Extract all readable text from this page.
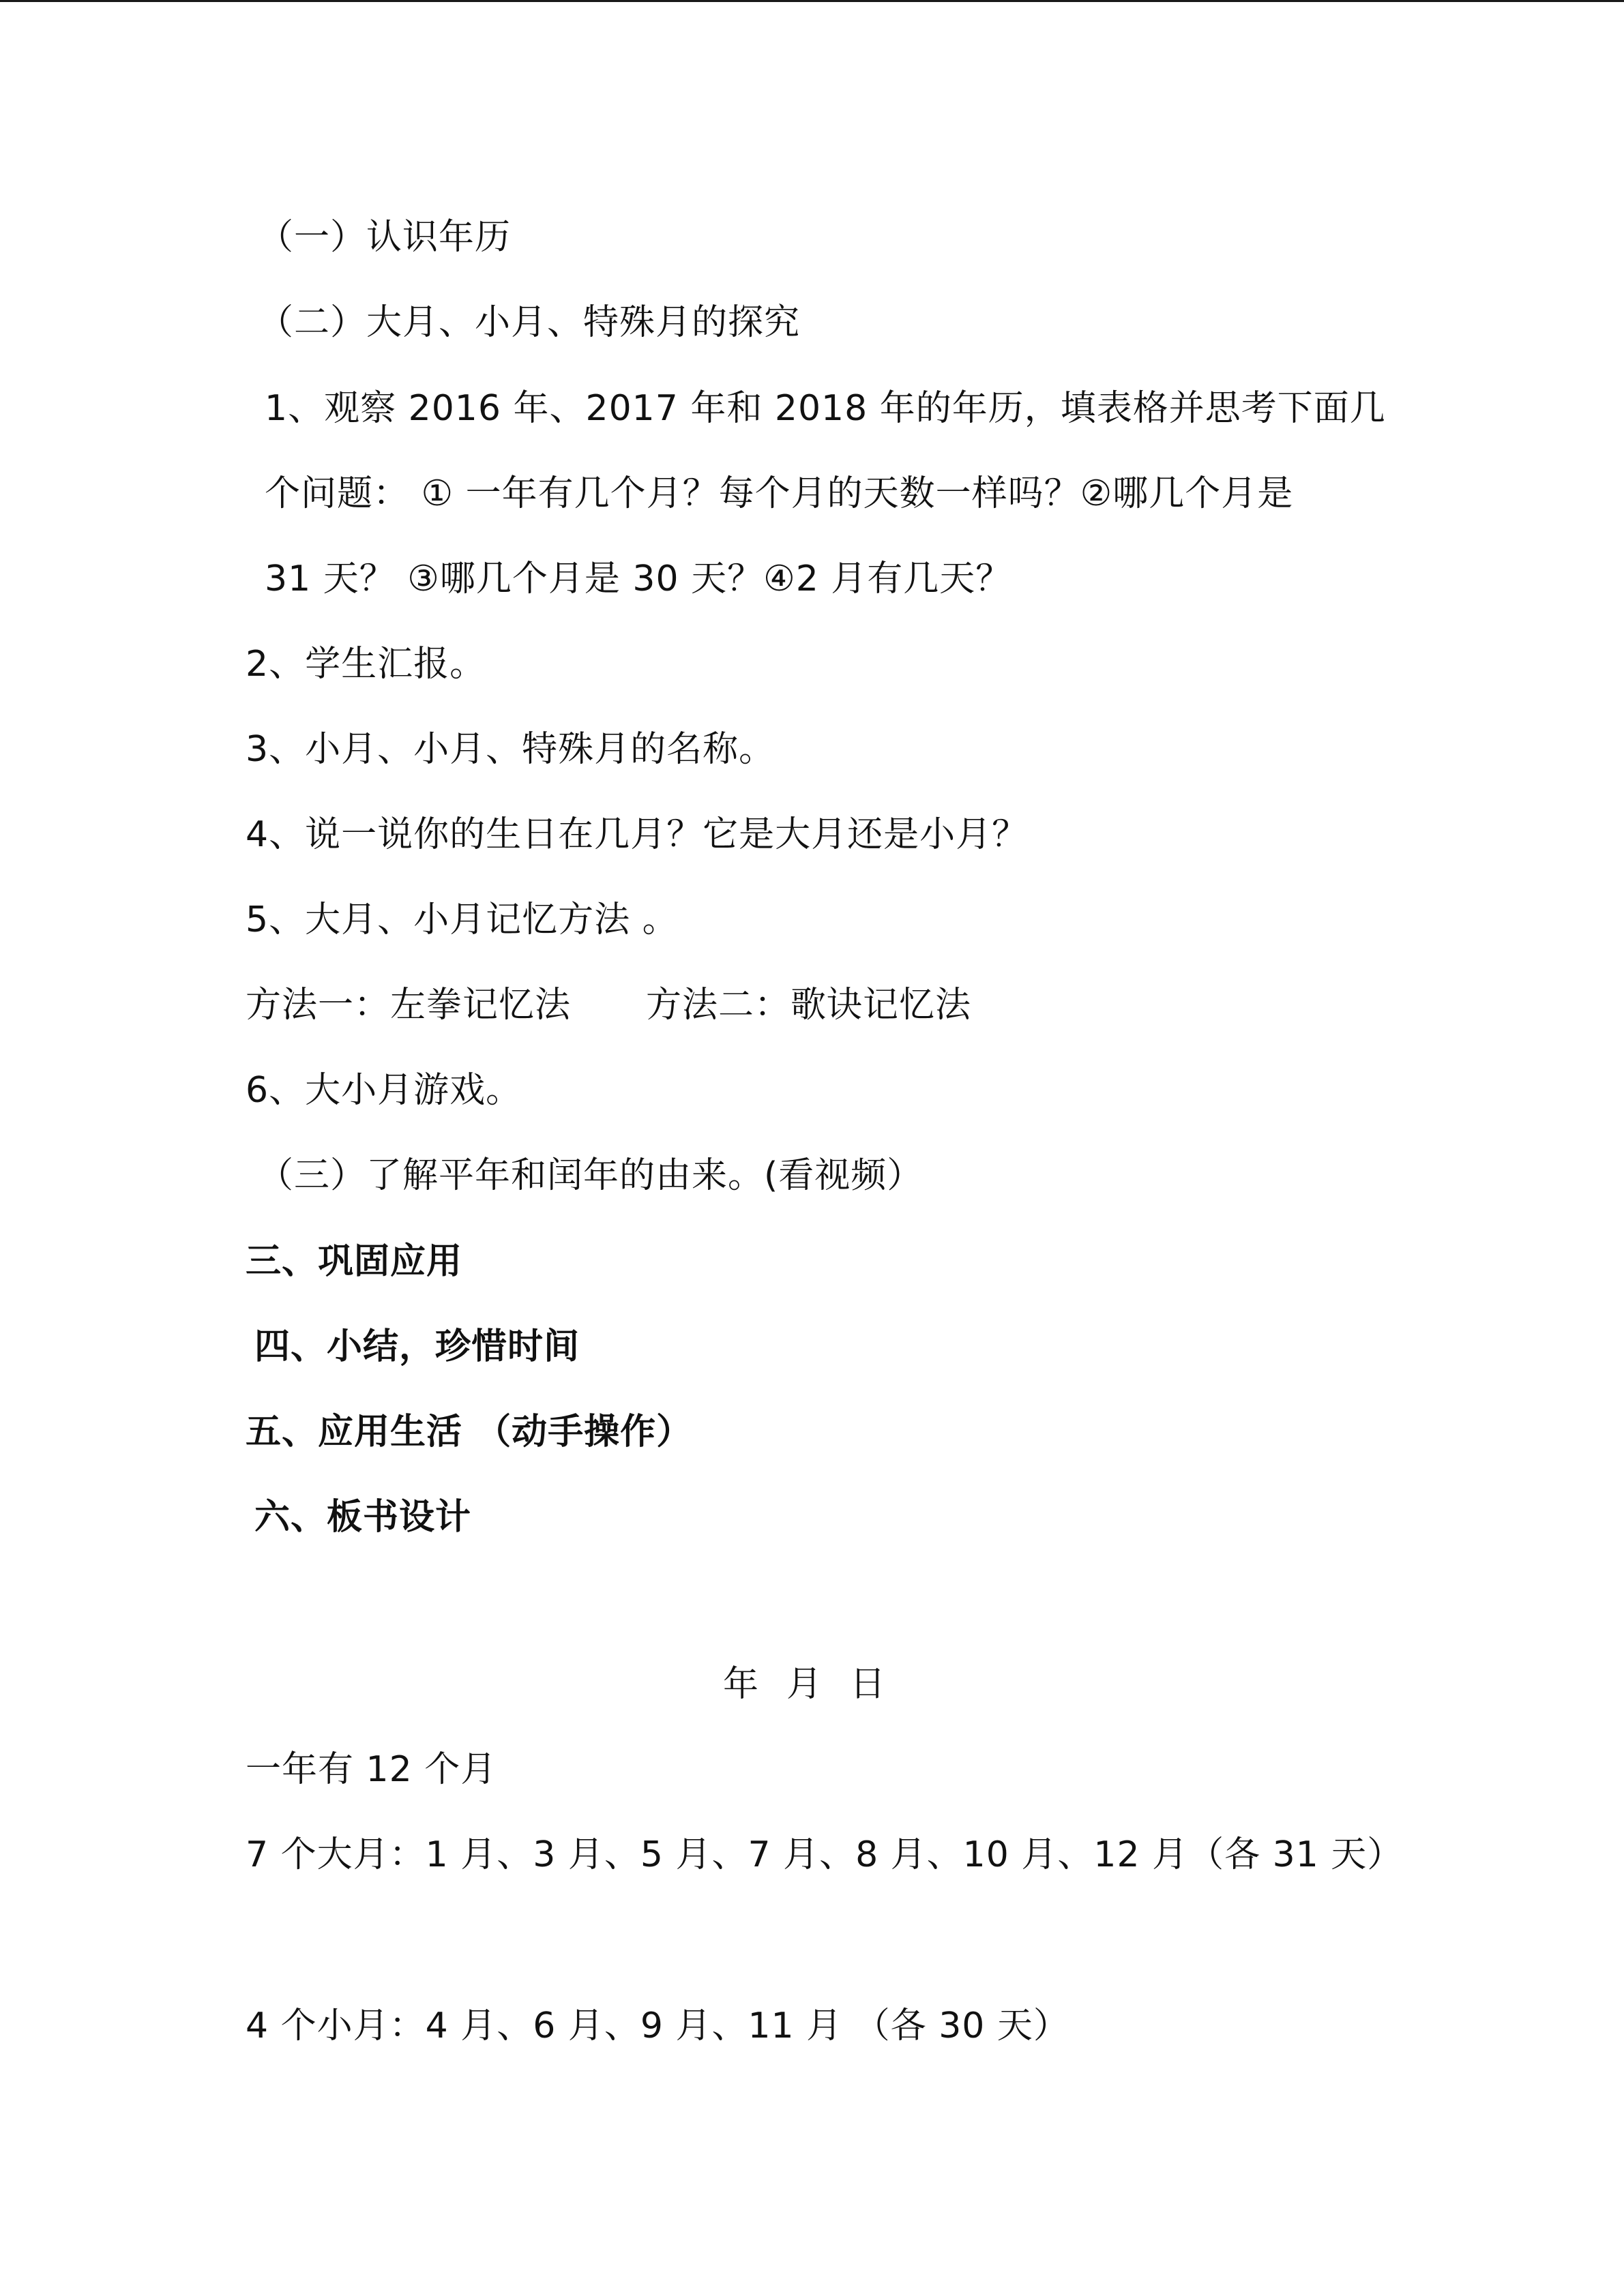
（一）认识年历
（二）大月、小月、特殊月的探究
1、观察 2016 年、2017 年和 2018 年的年历，填表格并思考下面几
个问题： ① 一年有几个月？每个月的天数一样吗？②哪几个月是
31 天？ ③哪几个月是 30 天？④2 月有几天？
2、学生汇报。
3、小月、小月、特殊月的名称。
4、说一说你的生日在几月？它是大月还是小月？
5、大月、小月记忆方法 。
方法一：左拳记忆法 方法二：歌诀记忆法
6、大小月游戏。
（三）了解平年和闰年的由来。(看视频）
三、巩固应用
四、小结，珍惜时间
五、应用生活 （动手操作）
六、板书设计
年 月 日
一年有 12 个月
7 个大月：1 月、3 月、5 月、7 月、8 月、10 月、12 月（各 31 天）
4 个小月：4 月、6 月、9 月、11 月 （各 30 天）
